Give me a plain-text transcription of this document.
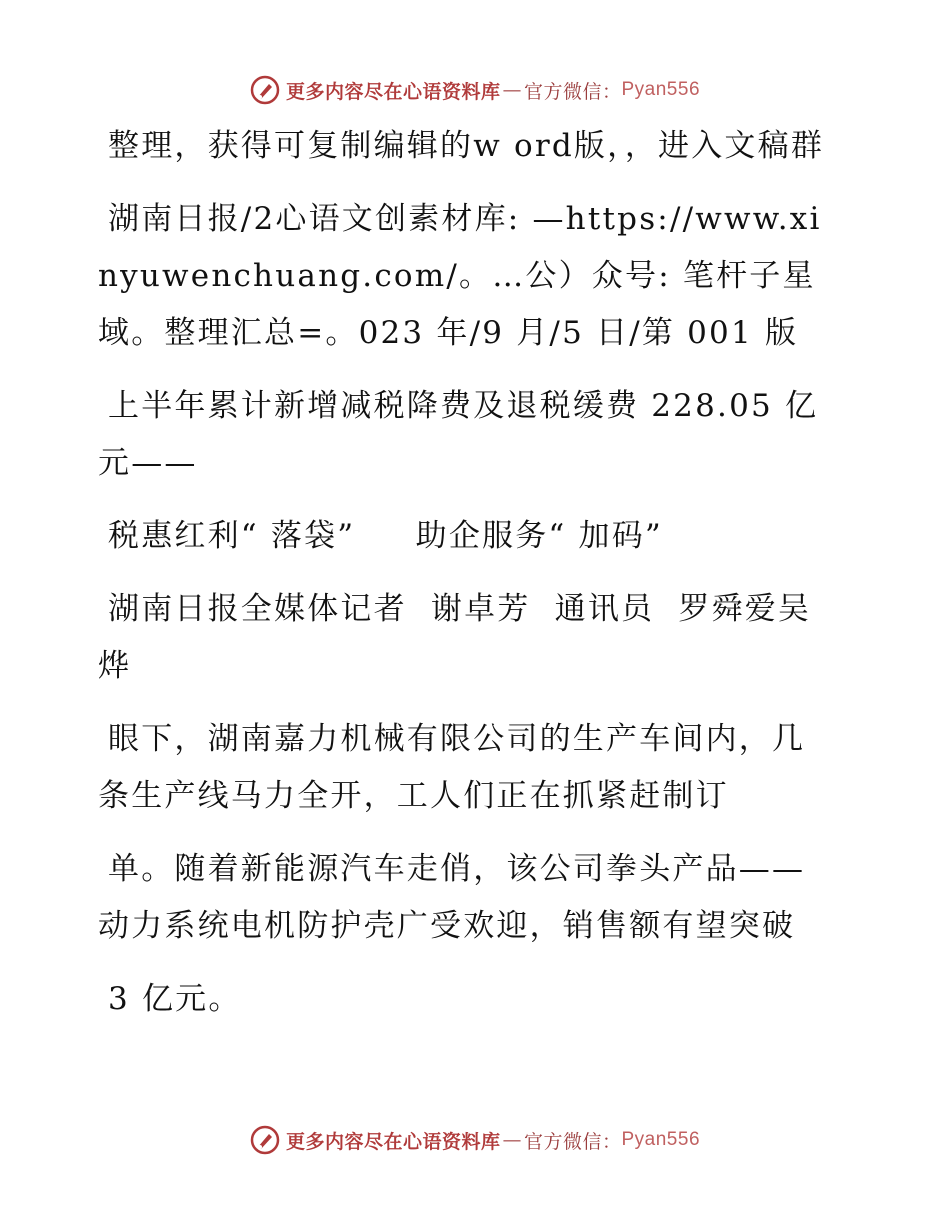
更多内容尽在心语资料库 — 官方微信： Pyan556

整理，获得可复制编辑的w ord版，，进入文稿群

湖南日报/2心语文创素材库: —https://www.xinyuwenchuang.com/。…公）众号: 笔杆子星域。整理汇总=。023 年/9 月/5 日/第 001 版

上半年累计新增减税降费及退税缓费 228.05 亿元——

税惠红利“ 落袋”     助企服务“ 加码”

湖南日报全媒体记者  谢卓芳  通讯员  罗舜爱吴烨

眼下，湖南嘉力机械有限公司的生产车间内，几条生产线马力全开，工人们正在抓紧赶制订

单。随着新能源汽车走俏，该公司拳头产品——动力系统电机防护壳广受欢迎，销售额有望突破

3 亿元。

更多内容尽在心语资料库 — 官方微信： Pyan556
